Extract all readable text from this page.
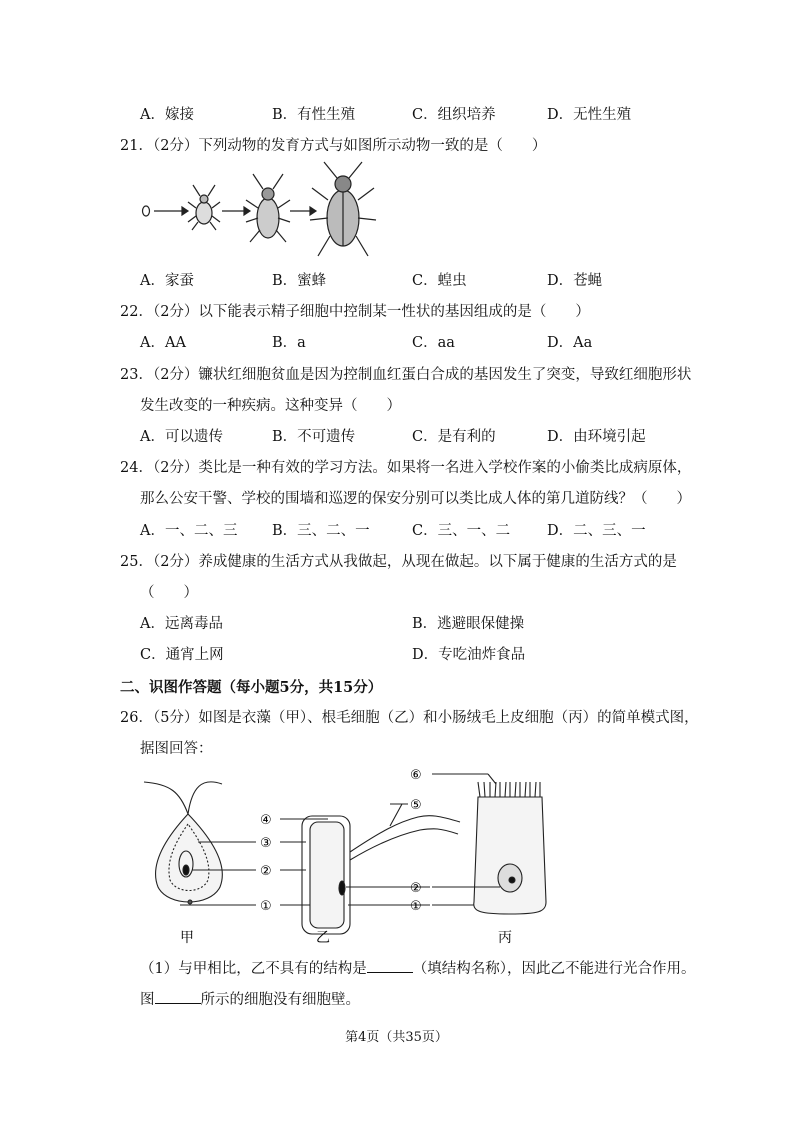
A．嫁接	B．有性生殖	C．组织培养	D．无性生殖
21．（2分）下列动物的发育方式与如图所示动物一致的是（　　）
A．家蚕	B．蜜蜂	C．蝗虫	D．苍蝇
22．（2分）以下能表示精子细胞中控制某一性状的基因组成的是（　　）
A．AA	B．a	C．aa	D．Aa
23．（2分）镰状红细胞贫血是因为控制血红蛋白合成的基因发生了突变，导致红细胞形状
发生改变的一种疾病。这种变异（　　）
A．可以遗传	B．不可遗传	C．是有利的	D．由环境引起
24．（2分）类比是一种有效的学习方法。如果将一名进入学校作案的小偷类比成病原体，
那么公安干警、学校的围墙和巡逻的保安分别可以类比成人体的第几道防线？（　　）
A．一、二、三 B．三、二、一	C．三、一、二	D．二、三、一
25．（2分）养成健康的生活方式从我做起，从现在做起。以下属于健康的生活方式的是
（　　）
A．远离毒品	B．逃避眼保健操
C．通宵上网	D．专吃油炸食品
二、识图作答题（每小题5分，共15分）
26．（5分）如图是衣藻（甲）、根毛细胞（乙）和小肠绒毛上皮细胞（丙）的简单模式图，
据图回答：
③
②
①
④
⑤
②
①
⑥
甲	乙	丙
（1）与甲相比，乙不具有的结构是	（填结构名称），因此乙不能进行光合作用。
图	所示的细胞没有细胞壁。
第4页（共35页）
